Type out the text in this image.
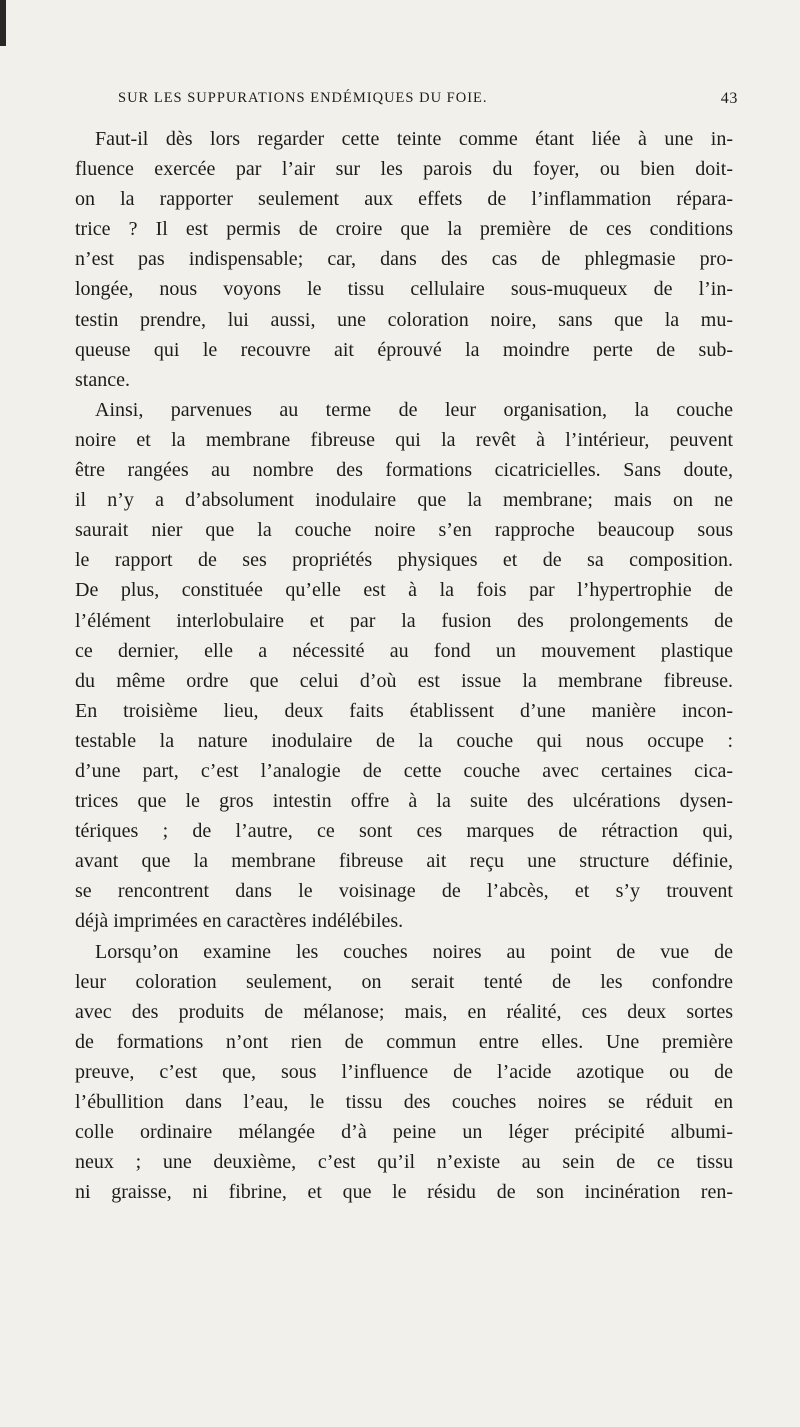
SUR LES SUPPURATIONS ENDÉMIQUES DU FOIE.	43
Faut-il dès lors regarder cette teinte comme étant liée à une in-
fluence exercée par l’air sur les parois du foyer, ou bien doit-
on la rapporter seulement aux effets de l’inflammation répara-
trice ? Il est permis de croire que la première de ces conditions
n’est pas indispensable; car, dans des cas de phlegmasie pro-
longée, nous voyons le tissu cellulaire sous-muqueux de l’in-
testin prendre, lui aussi, une coloration noire, sans que la mu-
queuse qui le recouvre ait éprouvé la moindre perte de sub-
stance.
Ainsi, parvenues au terme de leur organisation, la couche
noire et la membrane fibreuse qui la revêt à l’intérieur, peuvent
être rangées au nombre des formations cicatricielles. Sans doute,
il n’y a d’absolument inodulaire que la membrane; mais on ne
saurait nier que la couche noire s’en rapproche beaucoup sous
le rapport de ses propriétés physiques et de sa composition.
De plus, constituée qu’elle est à la fois par l’hypertrophie de
l’élément interlobulaire et par la fusion des prolongements de
ce dernier, elle a nécessité au fond un mouvement plastique
du même ordre que celui d’où est issue la membrane fibreuse.
En troisième lieu, deux faits établissent d’une manière incon-
testable la nature inodulaire de la couche qui nous occupe :
d’une part, c’est l’analogie de cette couche avec certaines cica-
trices que le gros intestin offre à la suite des ulcérations dysen-
tériques ; de l’autre, ce sont ces marques de rétraction qui,
avant que la membrane fibreuse ait reçu une structure définie,
se rencontrent dans le voisinage de l’abcès, et s’y trouvent
déjà imprimées en caractères indélébiles.
Lorsqu’on examine les couches noires au point de vue de
leur coloration seulement, on serait tenté de les confondre
avec des produits de mélanose; mais, en réalité, ces deux sortes
de formations n’ont rien de commun entre elles. Une première
preuve, c’est que, sous l’influence de l’acide azotique ou de
l’ébullition dans l’eau, le tissu des couches noires se réduit en
colle ordinaire mélangée d’à peine un léger précipité albumi-
neux ; une deuxième, c’est qu’il n’existe au sein de ce tissu
ni graisse, ni fibrine, et que le résidu de son incinération ren-
